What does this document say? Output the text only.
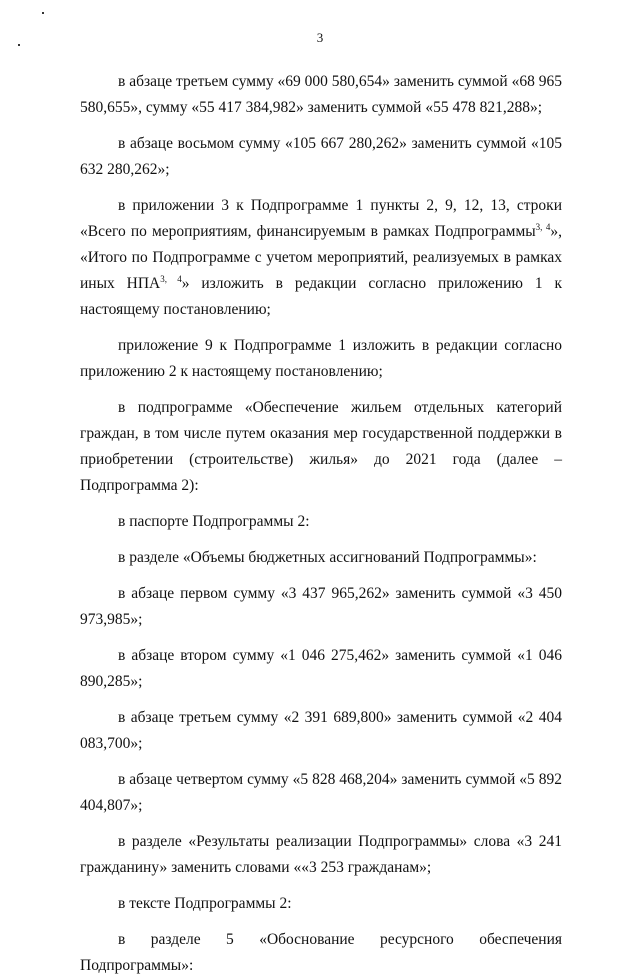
3

в абзаце третьем сумму «69 000 580,654» заменить суммой «68 965 580,655», сумму «55 417 384,982» заменить суммой «55 478 821,288»;

в абзаце восьмом сумму «105 667 280,262» заменить суммой «105 632 280,262»;

в приложении 3 к Подпрограмме 1 пункты 2, 9, 12, 13, строки «Всего по мероприятиям, финансируемым в рамках Подпрограммы$^{3, 4}$», «Итого по Подпрограмме с учетом мероприятий, реализуемых в рамках иных НПА$^{3, 4}$» изложить в редакции согласно приложению 1 к настоящему постановлению;

приложение 9 к Подпрограмме 1 изложить в редакции согласно приложению 2 к настоящему постановлению;

в подпрограмме «Обеспечение жильем отдельных категорий граждан, в том числе путем оказания мер государственной поддержки в приобретении (строительстве) жилья» до 2021 года (далее – Подпрограмма 2):

в паспорте Подпрограммы 2:

в разделе «Объемы бюджетных ассигнований Подпрограммы»:

в абзаце первом сумму «3 437 965,262» заменить суммой «3 450 973,985»;

в абзаце втором сумму «1 046 275,462» заменить суммой «1 046 890,285»;

в абзаце третьем сумму «2 391 689,800» заменить суммой «2 404 083,700»;

в абзаце четвертом сумму «5 828 468,204» заменить суммой «5 892 404,807»;

в разделе «Результаты реализации Подпрограммы» слова «3 241 гражданину» заменить словами ««3 253 гражданам»;

в тексте Подпрограммы 2:

в разделе 5 «Обоснование ресурсного обеспечения Подпрограммы»:
